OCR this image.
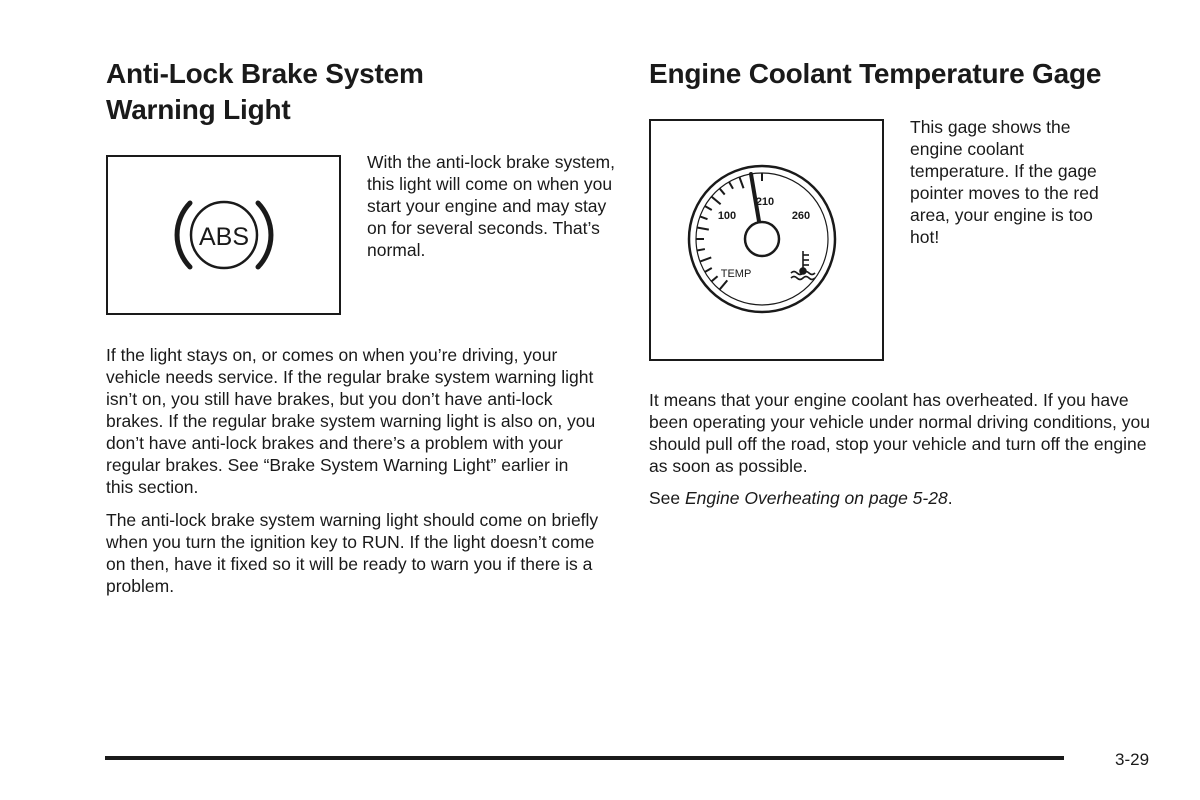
Anti-Lock Brake System
Warning Light
ABS
With the anti-lock brake system, this light will come on when you start your engine and may stay on for several seconds. That’s normal.

If the light stays on, or comes on when you’re driving, your vehicle needs service. If the regular brake system warning light isn’t on, you still have brakes, but you don’t have anti-lock brakes. If the regular brake system warning light is also on, you don’t have anti-lock brakes and there’s a problem with your regular brakes. See “Brake System Warning Light” earlier in this section.

The anti-lock brake system warning light should come on briefly when you turn the ignition key to RUN. If the light doesn’t come on then, have it fixed so it will be ready to warn you if there is a problem.

Engine Coolant Temperature Gage
100
210
260
TEMP
This gage shows the engine coolant temperature. If the gage pointer moves to the red area, your engine is too hot!

It means that your engine coolant has overheated. If you have been operating your vehicle under normal driving conditions, you should pull off the road, stop your vehicle and turn off the engine as soon as possible.

See Engine Overheating on page 5-28.

3-29
